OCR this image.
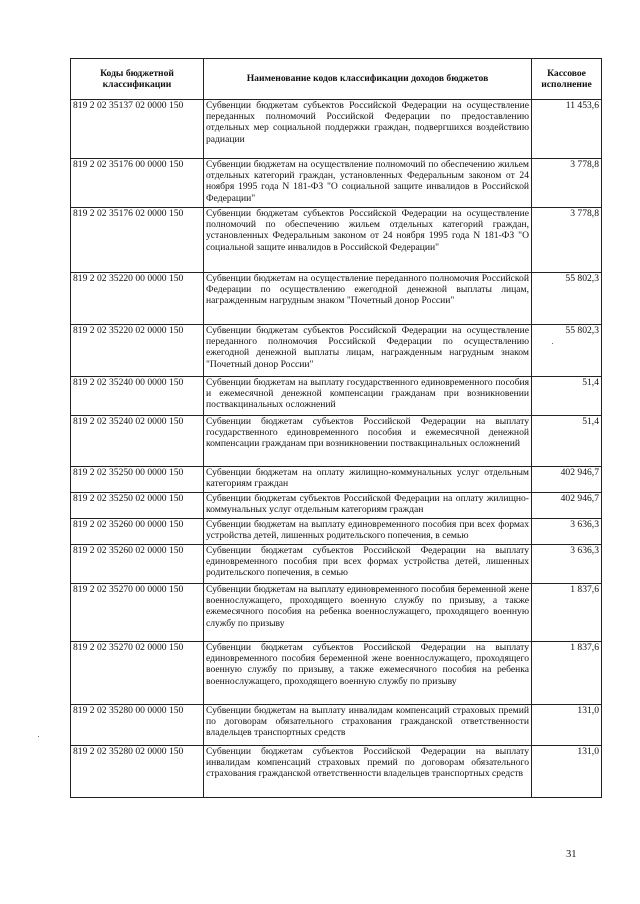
Коды бюджетной классификации	Наименование кодов классификации доходов бюджетов	Кассовое исполнение
819 2 02 35137 02 0000 150	Субвенции бюджетам субъектов Российской Федерации на осуществление переданных полномочий Российской Федерации по предоставлению отдельных мер социальной поддержки граждан, подвергшихся воздействию радиации	11 453,6
819 2 02 35176 00 0000 150	Субвенции бюджетам на осуществление полномочий по обеспечению жильем отдельных категорий граждан, установленных Федеральным законом от 24 ноября 1995 года N 181-ФЗ "О социальной защите инвалидов в Российской Федерации"	3 778,8
819 2 02 35176 02 0000 150	Субвенции бюджетам субъектов Российской Федерации на осуществление полномочий по обеспечению жильем отдельных категорий граждан, установленных Федеральным законом от 24 ноября 1995 года N 181-ФЗ "О социальной защите инвалидов в Российской Федерации"	3 778,8
819 2 02 35220 00 0000 150	Субвенции бюджетам на осуществление переданного полномочия Российской Федерации по осуществлению ежегодной денежной выплаты лицам, награжденным нагрудным знаком "Почетный донор России"	55 802,3
819 2 02 35220 02 0000 150	Субвенции бюджетам субъектов Российской Федерации на осуществление переданного полномочия Российской Федерации по осуществлению ежегодной денежной выплаты лицам, награжденным нагрудным знаком "Почетный донор России"	55 802,3
819 2 02 35240 00 0000 150	Субвенции бюджетам на выплату государственного единовременного пособия и ежемесячной денежной компенсации гражданам при возникновении поствакцинальных осложнений	51,4
819 2 02 35240 02 0000 150	Субвенции бюджетам субъектов Российской Федерации на выплату государственного единовременного пособия и ежемесячной денежной компенсации гражданам при возникновении поствакцинальных осложнений	51,4
819 2 02 35250 00 0000 150	Субвенции бюджетам на оплату жилищно-коммунальных услуг отдельным категориям граждан	402 946,7
819 2 02 35250 02 0000 150	Субвенции бюджетам субъектов Российской Федерации на оплату жилищно-коммунальных услуг отдельным категориям граждан	402 946,7
819 2 02 35260 00 0000 150	Субвенции бюджетам на выплату единовременного пособия при всех формах устройства детей, лишенных родительского попечения, в семью	3 636,3
819 2 02 35260 02 0000 150	Субвенции бюджетам субъектов Российской Федерации на выплату единовременного пособия при всех формах устройства детей, лишенных родительского попечения, в семью	3 636,3
819 2 02 35270 00 0000 150	Субвенции бюджетам на выплату единовременного пособия беременной жене военнослужащего, проходящего военную службу по призыву, а также ежемесячного пособия на ребенка военнослужащего, проходящего военную службу по призыву	1 837,6
819 2 02 35270 02 0000 150	Субвенции бюджетам субъектов Российской Федерации на выплату единовременного пособия беременной жене военнослужащего, проходящего военную службу по призыву, а также ежемесячного пособия на ребенка военнослужащего, проходящего военную службу по призыву	1 837,6
819 2 02 35280 00 0000 150	Субвенции бюджетам на выплату инвалидам компенсаций страховых премий по договорам обязательного страхования гражданской ответственности владельцев транспортных средств	131,0
819 2 02 35280 02 0000 150	Субвенции бюджетам субъектов Российской Федерации на выплату инвалидам компенсаций страховых премий по договорам обязательного страхования гражданской ответственности владельцев транспортных средств	131,0
31
